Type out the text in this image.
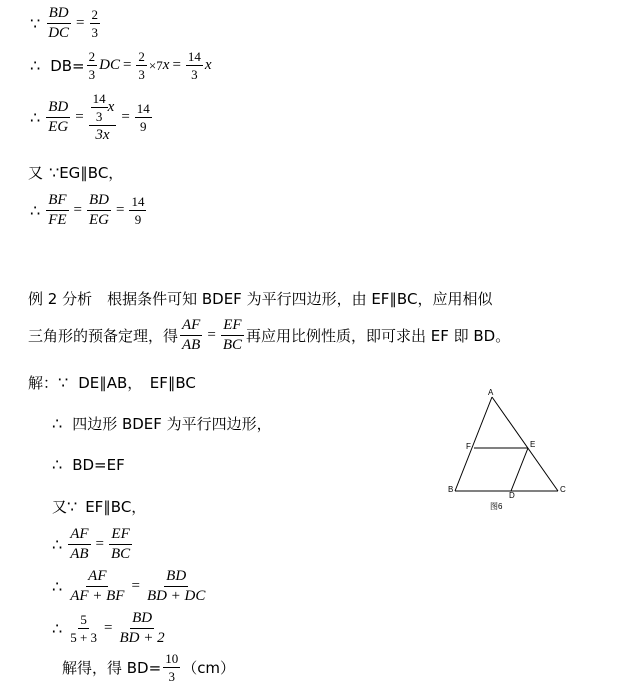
∵ $\frac{BD}{DC} = \frac{2}{3}$
∴ $DB= \frac{2}{3}$ DC = $\frac{2}{3} \times 7$ $x = \frac{14}{3}$ x
∴ $\frac{BD}{EG} = \frac{\frac{14}{3} x}{3x} = \frac{14}{9}$
又 ∵ EG∥BC，
∴ $\frac{BF}{FE} = \frac{BD}{EG} = \frac{14}{9}$
例 2 分析　根据条件可知 BDEF 为平行四边形，由 EF∥BC，应用相似
三角形的预备定理，得 $\frac{AF}{AB} = \frac{EF}{BC}$ 再应用比例性质，即可求出 EF 即 BD。
解： ∵ DE∥AB，　EF∥BC
∴ 四边形 BDEF 为平行四边形，
∴ BD=EF
又 ∵ EF∥BC，
∴ $\frac{AF}{AB} = \frac{EF}{BC}$
∴ $\frac{AF}{AF + BF} = \frac{BD}{BD + DC}$
∴ $\frac{5}{5 + 3} = \frac{BD}{BD + 2}$
解得，得 $BD= \frac{10}{3} (cm)$
A
F	E
B
D
C
图6
